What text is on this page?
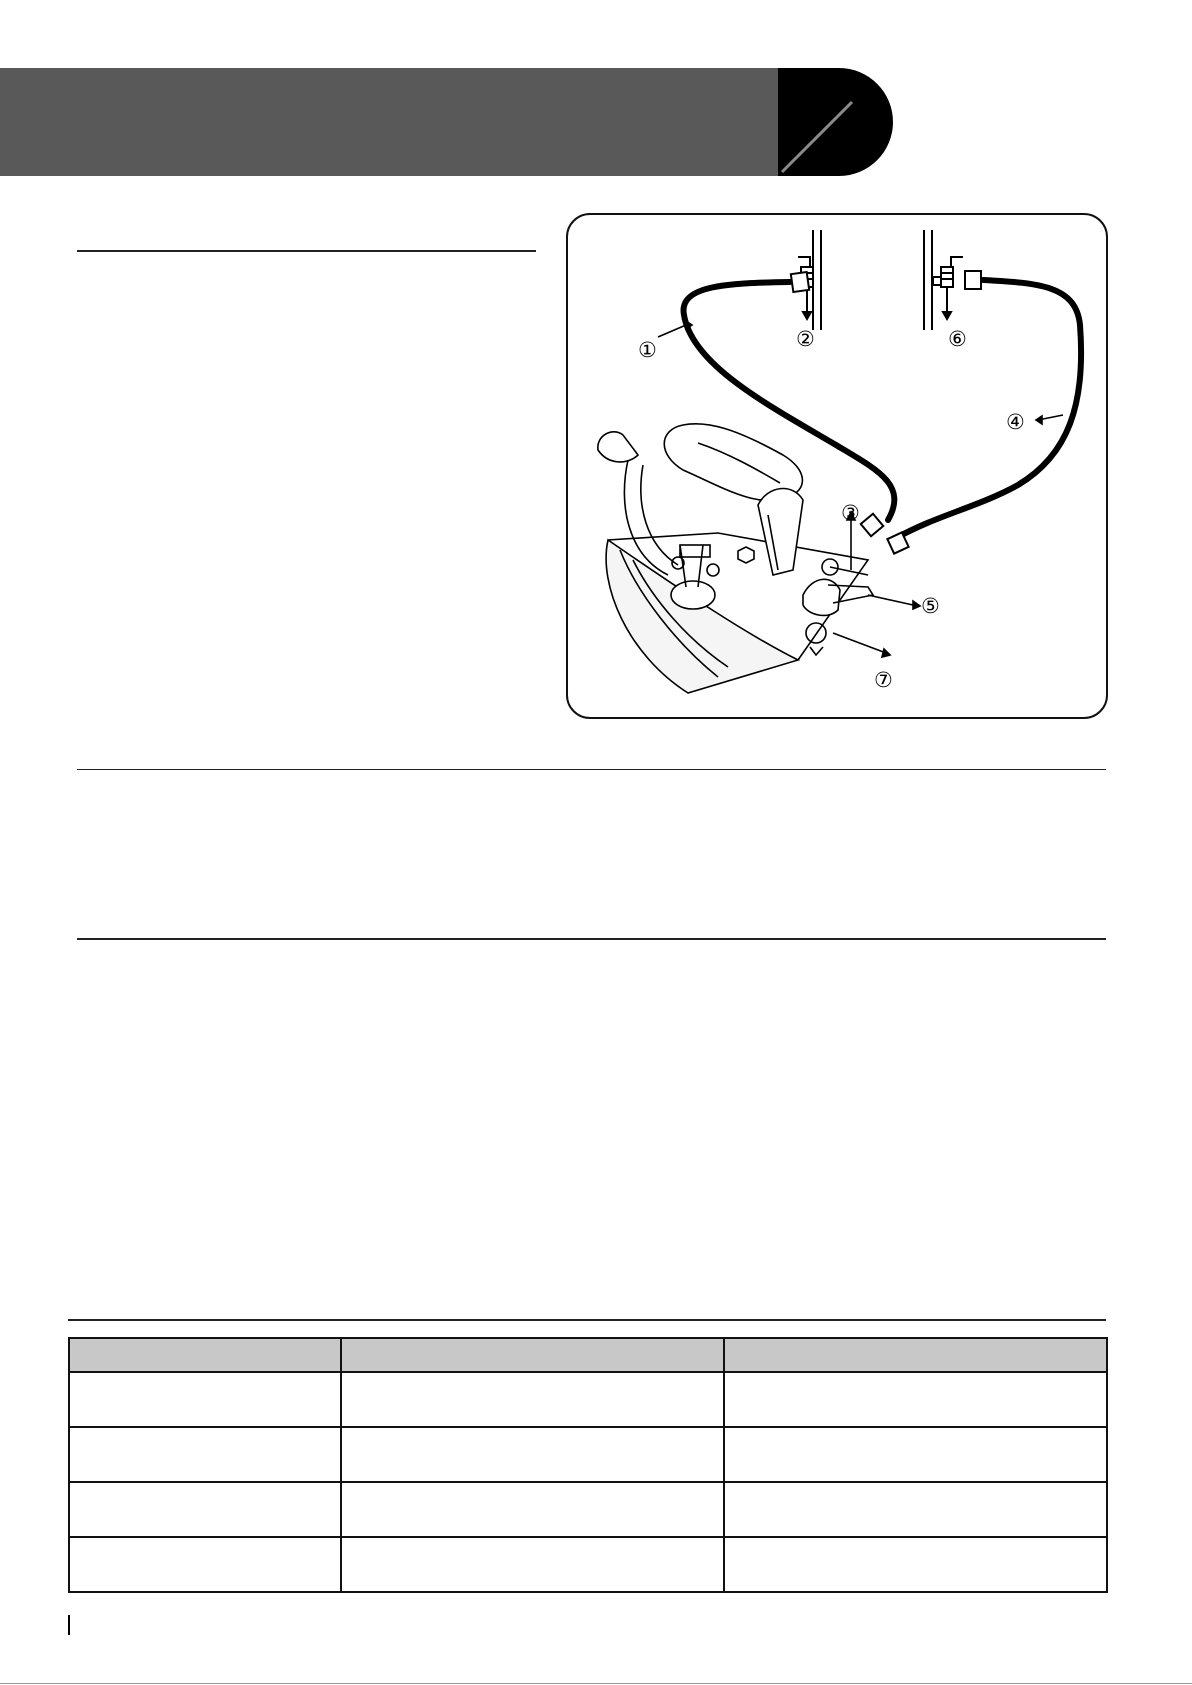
①	②
③
④
⑤
⑥
⑦
